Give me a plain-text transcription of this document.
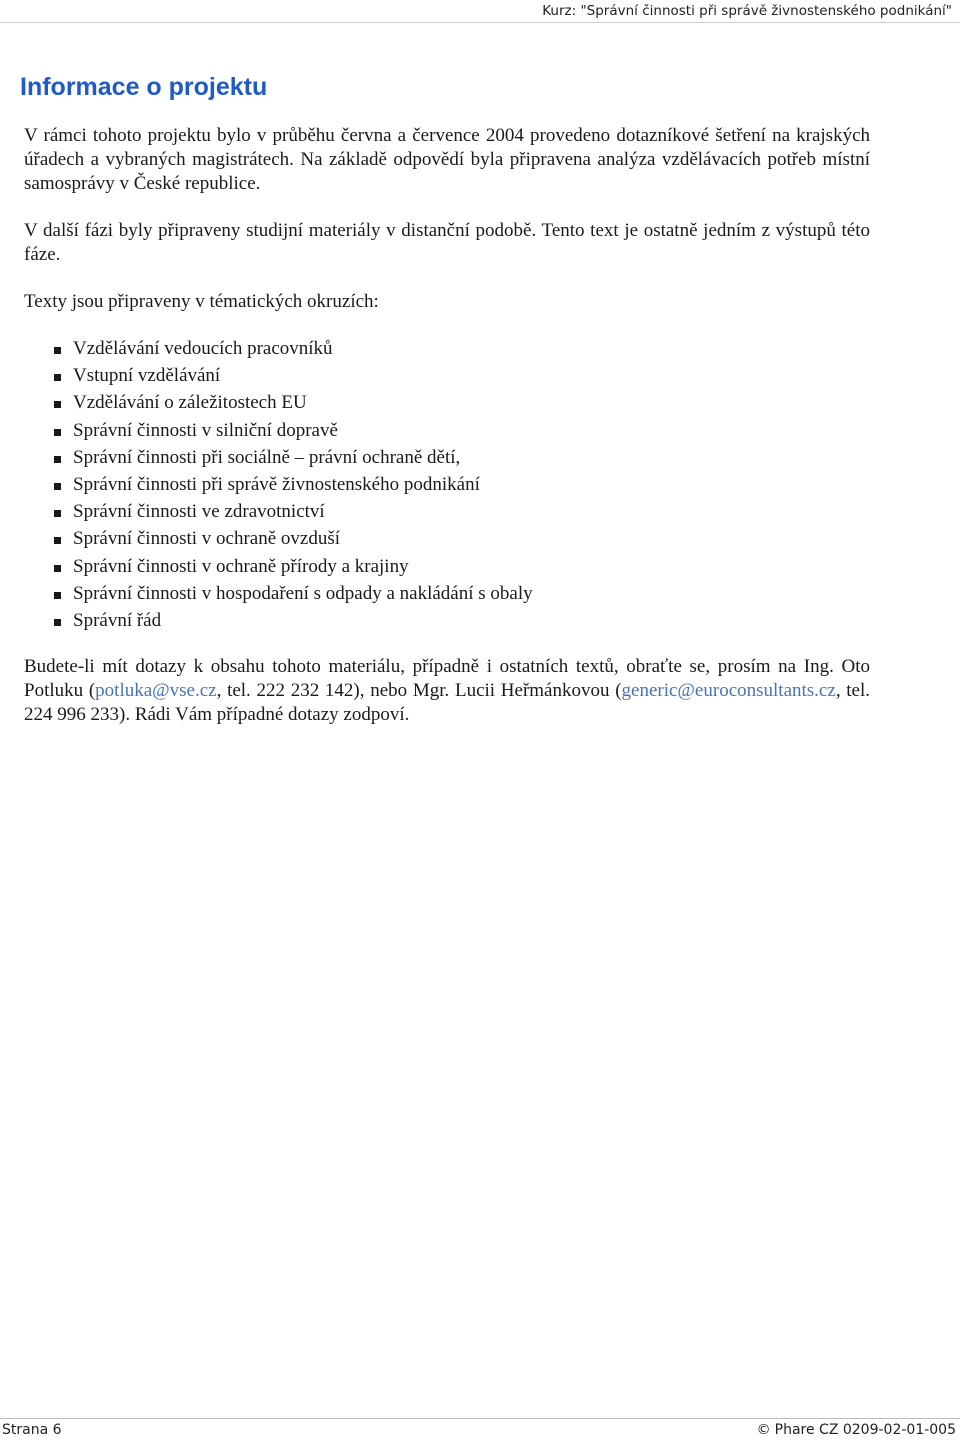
Kurz: "Správní činnosti při správě živnostenského podnikání"
Informace o projektu

V rámci tohoto projektu bylo v průběhu června a července 2004 provedeno dotazníkové šetření na krajských úřadech a vybraných magistrátech. Na základě odpovědí byla připravena analýza vzdělávacích potřeb místní samosprávy v České republice.

V další fázi byly připraveny studijní materiály v distanční podobě. Tento text je ostatně jedním z výstupů této fáze.

Texty jsou připraveny v tématických okruzích:

Vzdělávání vedoucích pracovníků
Vstupní vzdělávání
Vzdělávání o záležitostech EU
Správní činnosti v silniční dopravě
Správní činnosti při sociálně – právní ochraně dětí,
Správní činnosti při správě živnostenského podnikání
Správní činnosti ve zdravotnictví
Správní činnosti v ochraně ovzduší
Správní činnosti v ochraně přírody a krajiny
Správní činnosti v hospodaření s odpady a nakládání s obaly
Správní řád

Budete-li mít dotazy k obsahu tohoto materiálu, případně i ostatních textů, obraťte se, prosím na Ing. Oto Potluku (potluka@vse.cz, tel. 222 232 142), nebo Mgr. Lucii Heřmánkovou (generic@euroconsultants.cz, tel. 224 996 233). Rádi Vám případné dotazy zodpoví.

Strana 6	© Phare CZ 0209-02-01-005
